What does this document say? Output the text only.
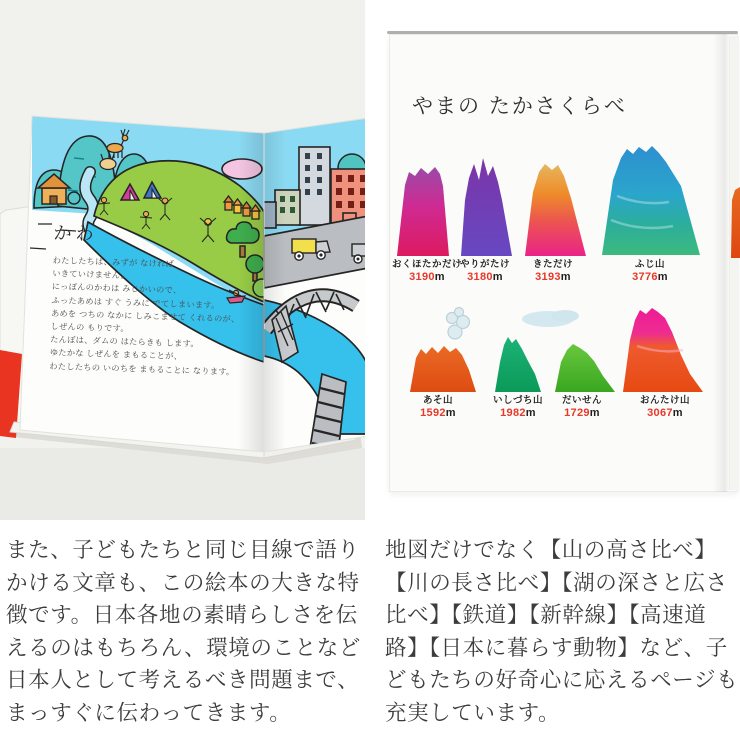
かわ
わたしたちは、みずが なければ
いきていけません。
にっぽんのかわは みじかいので、
ふったあめは すぐ うみに でてしまいます。
あめを つちの なかに しみこませて くれるのが、
しぜんの もりです。
たんぼは、ダムの はたらきも します。
ゆたかな しぜんを まもることが、
わたしたちの いのちを まもることに なります。
やまの たかさくらべ
おくほたかだけ
3190m
やりがたけ
3180m
きただけ
3193m
ふじ山
3776m
あそ山
1592m
いしづち山
1982m
だいせん
1729m
おんたけ山
3067m
また、子どもたちと同じ目線で語り
かける文章も、この絵本の大きな特
徴です。日本各地の素晴らしさを伝
えるのはもちろん、環境のことなど
日本人として考えるべき問題まで、
まっすぐに伝わってきます。
地図だけでなく【山の高さ比べ】
【川の長さ比べ】【湖の深さと広さ
比べ】【鉄道】【新幹線】【高速道
路】【日本に暮らす動物】など、子
どもたちの好奇心に応えるページも
充実しています。
